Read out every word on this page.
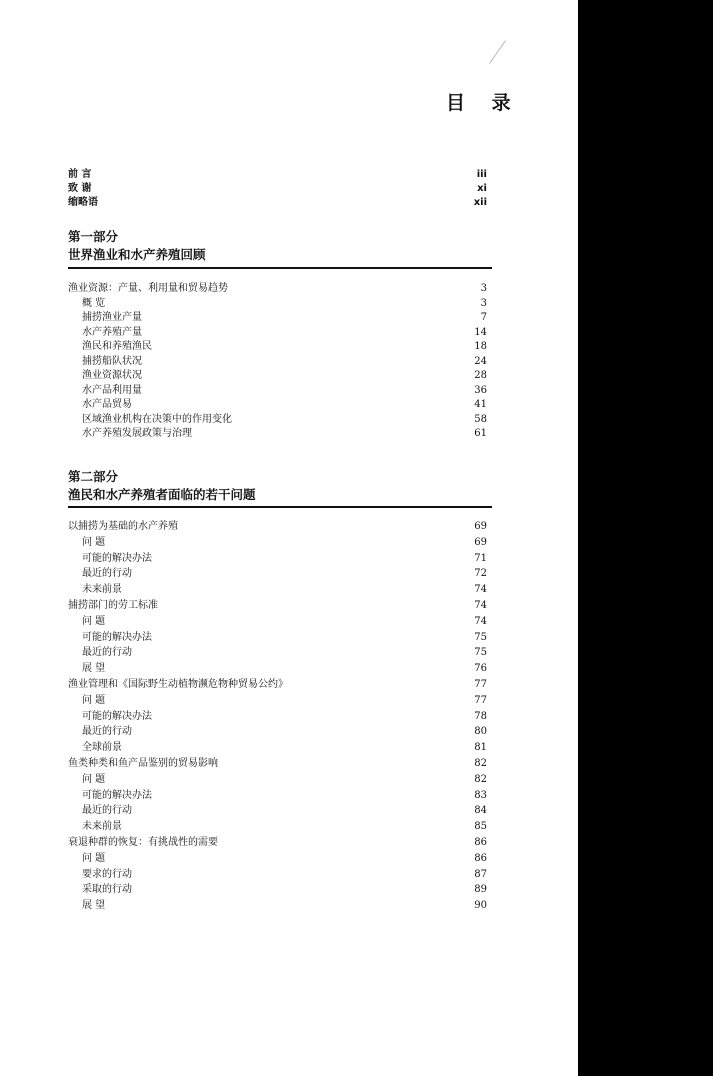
目 录
前 言	iii
致 谢	xi
缩略语	xii
第一部分
世界渔业和水产养殖回顾
渔业资源：产量、利用量和贸易趋势	3
概 览	3
捕捞渔业产量	7
水产养殖产量	14
渔民和养殖渔民	18
捕捞船队状况	24
渔业资源状况	28
水产品利用量	36
水产品贸易	41
区域渔业机构在决策中的作用变化	58
水产养殖发展政策与治理	61
第二部分
渔民和水产养殖者面临的若干问题
以捕捞为基础的水产养殖	69
问 题	69
可能的解决办法	71
最近的行动	72
未来前景	74
捕捞部门的劳工标准	74
问 题	74
可能的解决办法	75
最近的行动	75
展 望	76
渔业管理和《国际野生动植物濒危物种贸易公约》	77
问 题	77
可能的解决办法	78
最近的行动	80
全球前景	81
鱼类种类和鱼产品鉴别的贸易影响	82
问 题	82
可能的解决办法	83
最近的行动	84
未来前景	85
衰退种群的恢复：有挑战性的需要	86
问 题	86
要求的行动	87
采取的行动	89
展 望	90
